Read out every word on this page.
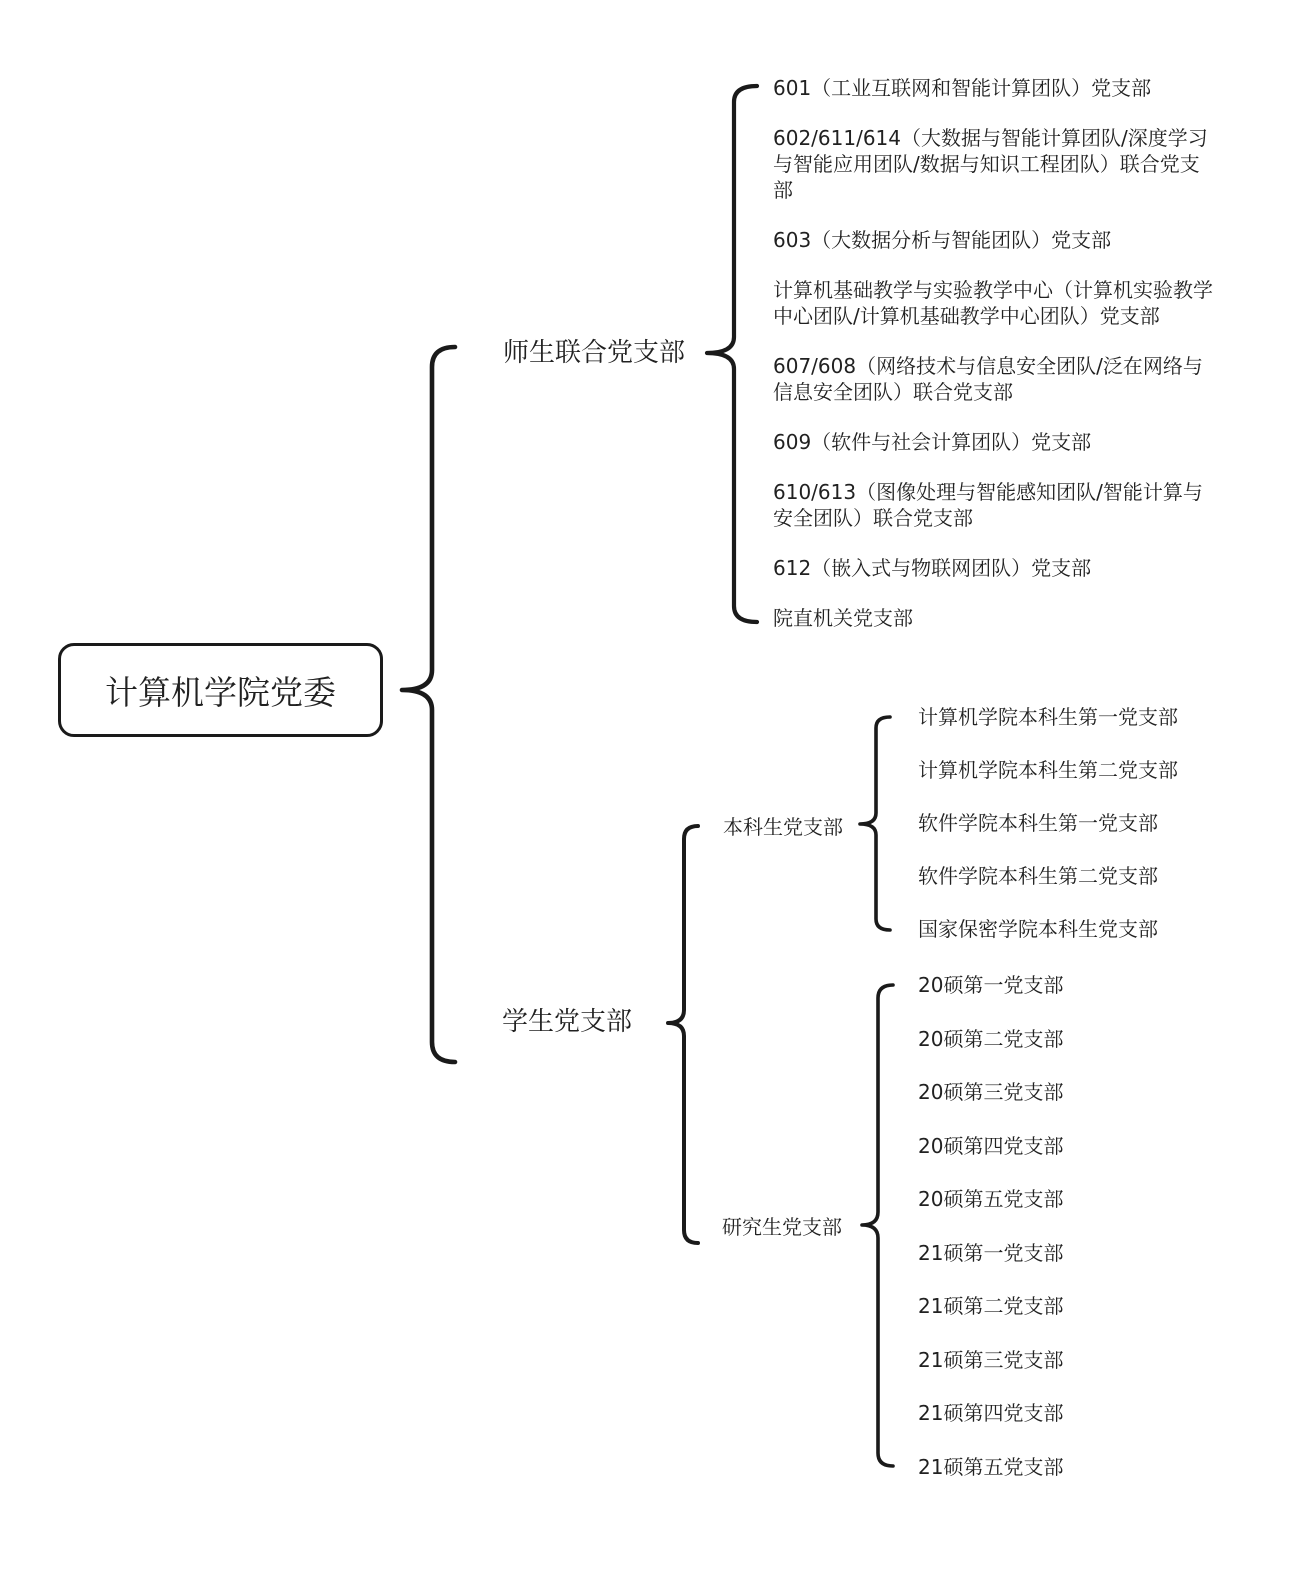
计算机学院党委
师生联合党支部
601（工业互联网和智能计算团队）党支部
602/611/614（大数据与智能计算团队/深度学习与智能应用团队/数据与知识工程团队）联合党支部
603（大数据分析与智能团队）党支部
计算机基础教学与实验教学中心（计算机实验教学中心团队/计算机基础教学中心团队）党支部
607/608（网络技术与信息安全团队/泛在网络与信息安全团队）联合党支部
609（软件与社会计算团队）党支部
610/613（图像处理与智能感知团队/智能计算与安全团队）联合党支部
612（嵌入式与物联网团队）党支部
院直机关党支部
学生党支部
本科生党支部
计算机学院本科生第一党支部
计算机学院本科生第二党支部
软件学院本科生第一党支部
软件学院本科生第二党支部
国家保密学院本科生党支部
研究生党支部
20硕第一党支部
20硕第二党支部
20硕第三党支部
20硕第四党支部
20硕第五党支部
21硕第一党支部
21硕第二党支部
21硕第三党支部
21硕第四党支部
21硕第五党支部
